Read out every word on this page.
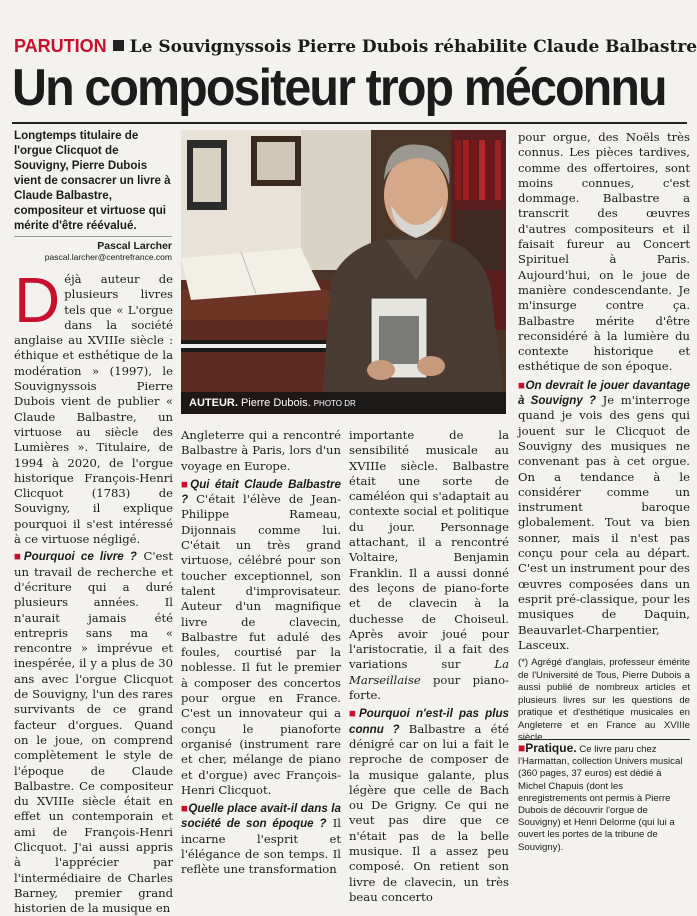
PARUTION Le Souvignyssois Pierre Dubois réhabilite Claude Balbastre
Un compositeur trop méconnu
Longtemps titulaire de l'orgue Clicquot de Souvigny, Pierre Dubois vient de consacrer un livre à Claude Balbastre, compositeur et virtuose qui mérite d'être réévalué.
Pascal Larcher
pascal.larcher@centrefrance.com
AUTEUR. Pierre Dubois. PHOTO DR

Déjà auteur de plusieurs livres tels que « L'orgue dans la société anglaise au XVIIIe siècle : éthique et esthétique de la modération » (1997), le Souvignyssois Pierre Dubois vient de publier « Claude Balbastre, un virtuose au siècle des Lumières ». Titulaire, de 1994 à 2020, de l'orgue historique François-Henri Clicquot (1783) de Souvigny, il explique pourquoi il s'est intéressé à ce virtuose négligé.

■ Pourquoi ce livre ? C'est un travail de recherche et d'écriture qui a duré plusieurs années. Il n'aurait jamais été entrepris sans ma « rencontre » imprévue et inespérée, il y a plus de 30 ans avec l'orgue Clicquot de Souvigny, l'un des rares survivants de ce grand facteur d'orgues. Quand on le joue, on comprend complètement le style de l'époque de Claude Balbastre. Ce compositeur du XVIIIe siècle était en effet un contemporain et ami de François-Henri Clicquot. J'ai aussi appris à l'apprécier par l'intermédiaire de Charles Barney, premier grand historien de la musique en

Angleterre qui a rencontré Balbastre à Paris, lors d'un voyage en Europe.

■ Qui était Claude Balbastre ? C'était l'élève de Jean-Philippe Rameau, Dijonnais comme lui. C'était un très grand virtuose, célébré pour son toucher exceptionnel, son talent d'improvisateur. Auteur d'un magnifique livre de clavecin, Balbastre fut adulé des foules, courtisé par la noblesse. Il fut le premier à composer des concertos pour orgue en France. C'est un innovateur qui a conçu le pianoforte organisé (instrument rare et cher, mélange de piano et d'orgue) avec François-Henri Clicquot.

■ Quelle place avait-il dans la société de son époque ? Il incarne l'esprit et l'élégance de son temps. Il reflète une transformation

importante de la sensibilité musicale au XVIIIe siècle. Balbastre était une sorte de caméléon qui s'adaptait au contexte social et politique du jour. Personnage attachant, il a rencontré Voltaire, Benjamin Franklin. Il a aussi donné des leçons de piano-forte et de clavecin à la duchesse de Choiseul. Après avoir joué pour l'aristocratie, il a fait des variations sur La Marseillaise pour piano-forte.

■ Pourquoi n'est-il pas plus connu ? Balbastre a été dénigré car on lui a fait le reproche de composer de la musique galante, plus légère que celle de Bach ou De Grigny. Ce qui ne veut pas dire que ce n'était pas de la belle musique. Il a assez peu composé. On retient son livre de clavecin, un très beau concerto

pour orgue, des Noëls très connus. Les pièces tardives, comme des offertoires, sont moins connues, c'est dommage. Balbastre a transcrit des œuvres d'autres compositeurs et il faisait fureur au Concert Spirituel à Paris. Aujourd'hui, on le joue de manière condescendante. Je m'insurge contre ça. Balbastre mérite d'être reconsidéré à la lumière du contexte historique et esthétique de son époque.

■ On devrait le jouer davantage à Souvigny ? Je m'interroge quand je vois des gens qui jouent sur le Clicquot de Souvigny des musiques ne convenant pas à cet orgue. On a tendance à le considérer comme un instrument baroque globalement. Tout va bien sonner, mais il n'est pas conçu pour cela au départ. C'est un instrument pour des œuvres composées dans un esprit pré-classique, pour les musiques de Daquin, Beauvarlet-Charpentier, Lasceux.

(*) Agrégé d'anglais, professeur émérite de l'Université de Tous, Pierre Dubois a aussi publié de nombreux articles et plusieurs livres sur les questions de pratique et d'esthétique musicales en Angleterre et en France au XVIIIe siècle.

■ Pratique. Ce livre paru chez l'Harmattan, collection Univers musical (360 pages, 37 euros) est dédié à Michel Chapuis (dont les enregistrements ont permis à Pierre Dubois de découvrir l'orgue de Souvigny) et Henri Delorme (qui lui a ouvert les portes de la tribune de Souvigny).
